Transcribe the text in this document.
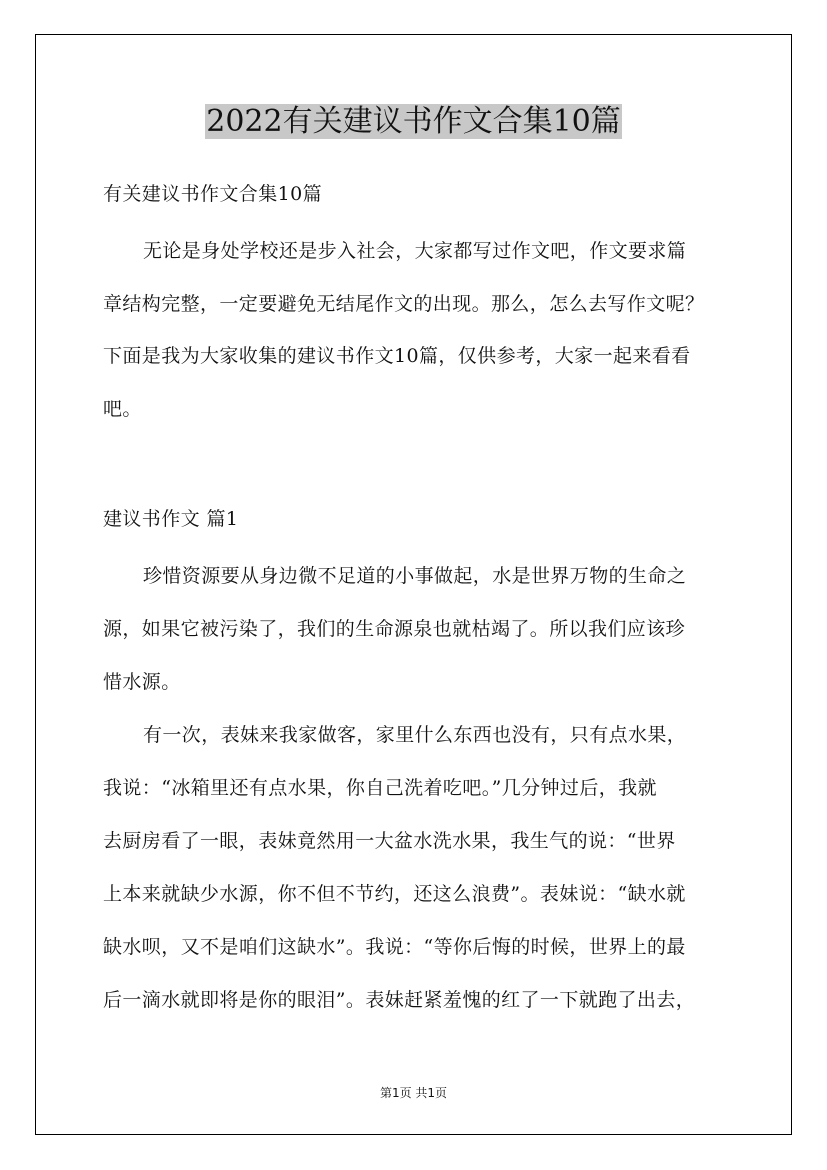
2022有关建议书作文合集10篇

有关建议书作文合集10篇

无论是身处学校还是步入社会，大家都写过作文吧，作文要求篇

章结构完整，一定要避免无结尾作文的出现。那么，怎么去写作文呢？

下面是我为大家收集的建议书作文10篇，仅供参考，大家一起来看看

吧。

建议书作文 篇1

珍惜资源要从身边微不足道的小事做起，水是世界万物的生命之

源，如果它被污染了，我们的生命源泉也就枯竭了。所以我们应该珍

惜水源。

有一次，表妹来我家做客，家里什么东西也没有，只有点水果，

我说：“冰箱里还有点水果，你自己洗着吃吧。”几分钟过后，我就

去厨房看了一眼，表妹竟然用一大盆水洗水果，我生气的说：“世界

上本来就缺少水源，你不但不节约，还这么浪费”。表妹说：“缺水就

缺水呗，又不是咱们这缺水”。我说：“等你后悔的时候，世界上的最

后一滴水就即将是你的眼泪”。表妹赶紧羞愧的红了一下就跑了出去，

第1页 共1页
